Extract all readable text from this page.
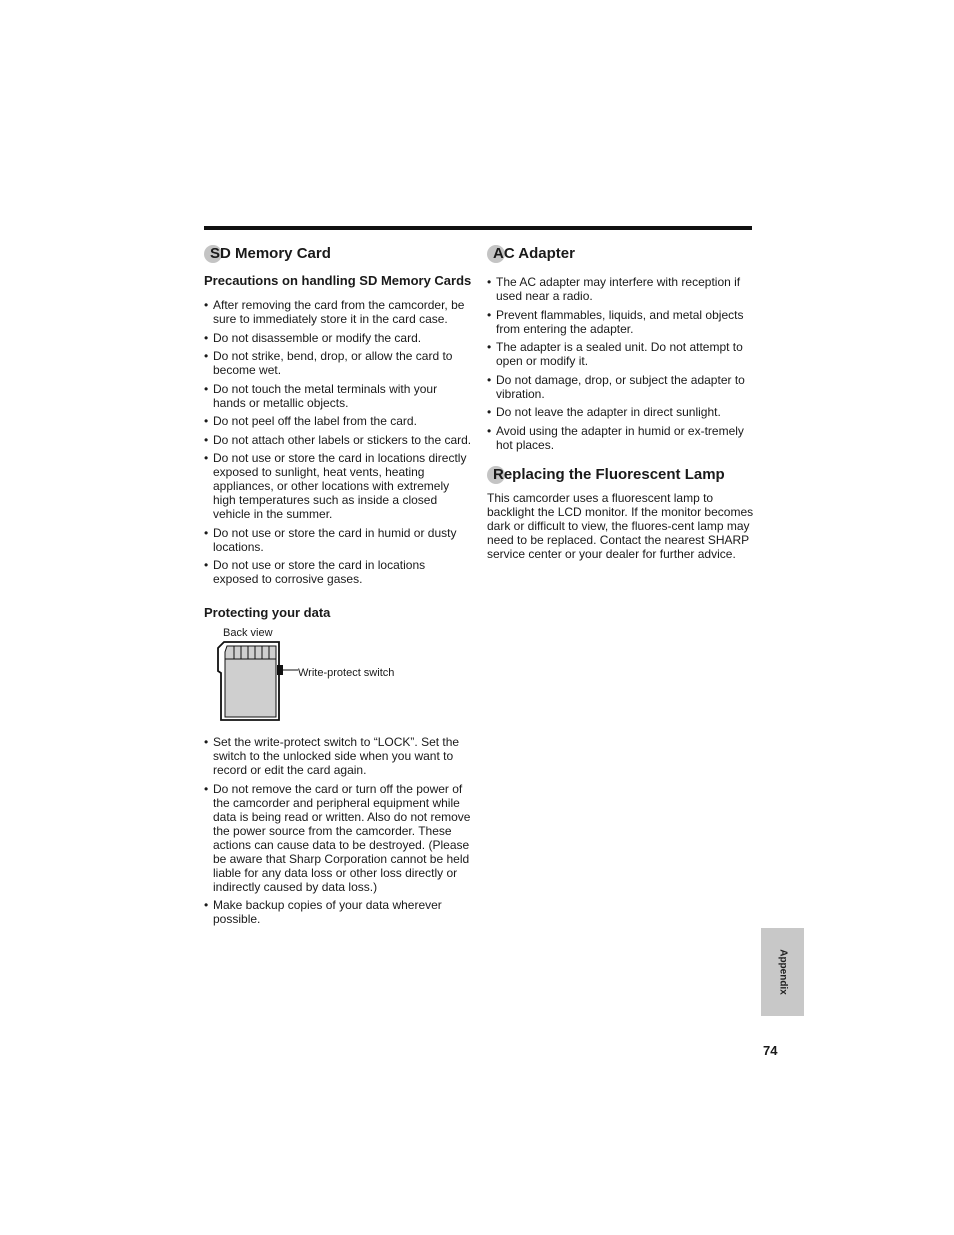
SD Memory Card
Precautions on handling SD Memory Cards
• After removing the card from the camcorder, be sure to immediately store it in the card case.
• Do not disassemble or modify the card.
• Do not strike, bend, drop, or allow the card to become wet.
• Do not touch the metal terminals with your hands or metallic objects.
• Do not peel off the label from the card.
• Do not attach other labels or stickers to the card.
• Do not use or store the card in locations directly exposed to sunlight, heat vents, heating appliances, or other locations with extremely high temperatures such as inside a closed vehicle in the summer.
• Do not use or store the card in humid or dusty locations.
• Do not use or store the card in locations exposed to corrosive gases.
Protecting your data
Back view
Write-protect switch
• Set the write-protect switch to “LOCK”. Set the switch to the unlocked side when you want to record or edit the card again.
• Do not remove the card or turn off the power of the camcorder and peripheral equipment while data is being read or written. Also do not remove the power source from the camcorder. These actions can cause data to be destroyed. (Please be aware that Sharp Corporation cannot be held liable for any data loss or other loss directly or indirectly caused by data loss.)
• Make backup copies of your data wherever possible.
AC Adapter
• The AC adapter may interfere with reception if used near a radio.
• Prevent flammables, liquids, and metal objects from entering the adapter.
• The adapter is a sealed unit. Do not attempt to open or modify it.
• Do not damage, drop, or subject the adapter to vibration.
• Do not leave the adapter in direct sunlight.
• Avoid using the adapter in humid or ex-tremely hot places.
Replacing the Fluorescent Lamp

This camcorder uses a fluorescent lamp to backlight the LCD monitor. If the monitor becomes dark or difficult to view, the fluores-cent lamp may need to be replaced. Contact the nearest SHARP service center or your dealer for further advice.

Appendix
74
